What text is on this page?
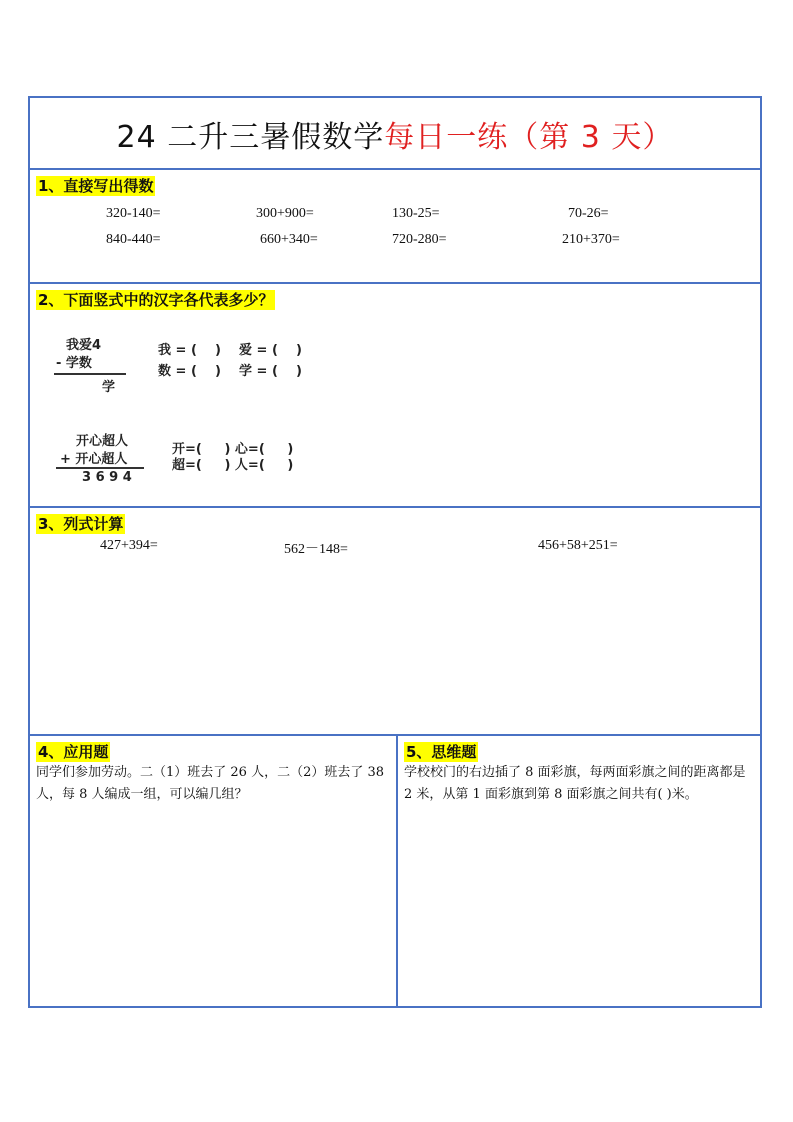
24 二升三暑假数学每日一练（第 3 天）
1、直接写出得数
320-140=	300+900=	130-25=	70-26=
840-440=	660+340=	720-280=	210+370=
2、下面竖式中的汉字各代表多少？
我爱4
- 学数
学
我 = (    )    爱 = (    )
数 = (    )    学 = (    )
开心超人
+ 开心超人
3 6 9 4
开=(     ) 心=(     )
超=(     ) 人=(     )
3、列式计算
427+394=	562－148=	456+58+251=
4、应用题
同学们参加劳动。二（1）班去了 26 人，二（2）班去了 38 人，每 8 人编成一组，可以编几组？
5、思维题
学校校门的右边插了 8 面彩旗，每两面彩旗之间的距离都是 2 米，从第 1 面彩旗到第 8 面彩旗之间共有( )米。
